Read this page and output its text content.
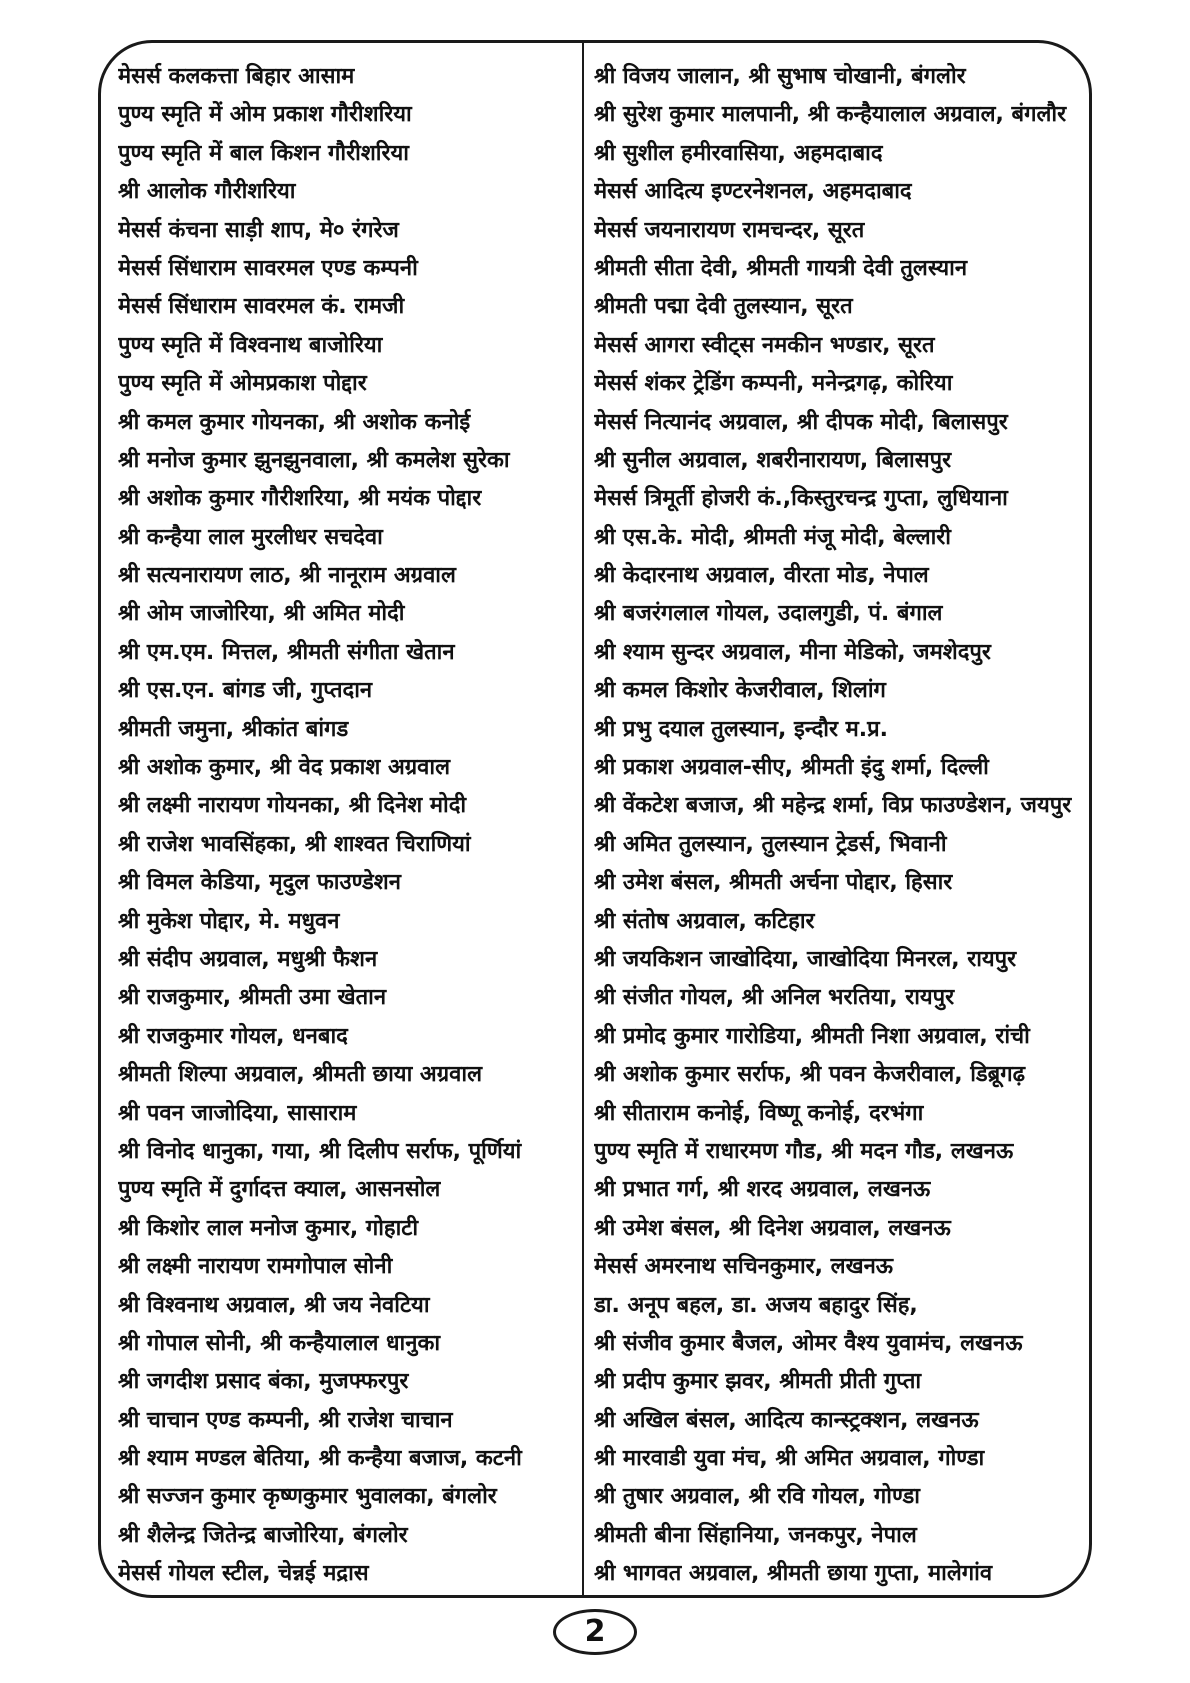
मेसर्स कलकत्ता बिहार आसाम
पुण्य स्मृति में ओम प्रकाश गौरीशरिया
पुण्य स्मृति में बाल किशन गौरीशरिया
श्री आलोक गौरीशरिया
मेसर्स कंचना साड़ी शाप, मे० रंगरेज
मेसर्स सिंधाराम सावरमल एण्ड कम्पनी
मेसर्स सिंधाराम सावरमल कं. रामजी
पुण्य स्मृति में विश्वनाथ बाजोरिया
पुण्य स्मृति में ओमप्रकाश पोद्दार
श्री कमल कुमार गोयनका, श्री अशोक कनोई
श्री मनोज कुमार झुनझुनवाला, श्री कमलेश सुरेका
श्री अशोक कुमार गौरीशरिया, श्री मयंक पोद्दार
श्री कन्हैया लाल मुरलीधर सचदेवा
श्री सत्यनारायण लाठ, श्री नानूराम अग्रवाल
श्री ओम जाजोरिया, श्री अमित मोदी
श्री एम.एम. मित्तल, श्रीमती संगीता खेतान
श्री एस.एन. बांगड जी, गुप्तदान
श्रीमती जमुना, श्रीकांत बांगड
श्री अशोक कुमार, श्री वेद प्रकाश अग्रवाल
श्री लक्ष्मी नारायण गोयनका, श्री दिनेश मोदी
श्री राजेश भावसिंहका, श्री शाश्वत चिराणियां
श्री विमल केडिया, मृदुल फाउण्डेशन
श्री मुकेश पोद्दार, मे. मधुवन
श्री संदीप अग्रवाल, मधुश्री फैशन
श्री राजकुमार, श्रीमती उमा खेतान
श्री राजकुमार गोयल, धनबाद
श्रीमती शिल्पा अग्रवाल, श्रीमती छाया अग्रवाल
श्री पवन जाजोदिया, सासाराम
श्री विनोद धानुका, गया, श्री दिलीप सर्राफ, पूर्णियां
पुण्य स्मृति में दुर्गादत्त क्याल, आसनसोल
श्री किशोर लाल मनोज कुमार, गोहाटी
श्री लक्ष्मी नारायण रामगोपाल सोनी
श्री विश्वनाथ अग्रवाल, श्री जय नेवटिया
श्री गोपाल सोनी, श्री कन्हैयालाल धानुका
श्री जगदीश प्रसाद बंका, मुजफ्फरपुर
श्री चाचान एण्ड कम्पनी, श्री राजेश चाचान
श्री श्याम मण्डल बेतिया, श्री कन्हैया बजाज, कटनी
श्री सज्जन कुमार कृष्णकुमार भुवालका, बंगलोर
श्री शैलेन्द्र जितेन्द्र बाजोरिया, बंगलोर
मेसर्स गोयल स्टील, चेन्नई मद्रास
श्री विजय जालान, श्री सुभाष चोखानी, बंगलोर
श्री सुरेश कुमार मालपानी, श्री कन्हैयालाल अग्रवाल, बंगलौर
श्री सुशील हमीरवासिया, अहमदाबाद
मेसर्स आदित्य इण्टरनेशनल, अहमदाबाद
मेसर्स जयनारायण रामचन्दर, सूरत
श्रीमती सीता देवी, श्रीमती गायत्री देवी तुलस्यान
श्रीमती पद्मा देवी तुलस्यान, सूरत
मेसर्स आगरा स्वीट्स नमकीन भण्डार, सूरत
मेसर्स शंकर ट्रेडिंग कम्पनी, मनेन्द्रगढ़, कोरिया
मेसर्स नित्यानंद अग्रवाल, श्री दीपक मोदी, बिलासपुर
श्री सुनील अग्रवाल, शबरीनारायण, बिलासपुर
मेसर्स त्रिमूर्ती होजरी कं.,किस्तुरचन्द्र गुप्ता, लुधियाना
श्री एस.के. मोदी, श्रीमती मंजू मोदी, बेल्लारी
श्री केदारनाथ अग्रवाल, वीरता मोड, नेपाल
श्री बजरंगलाल गोयल, उदालगुडी, पं. बंगाल
श्री श्याम सुन्दर अग्रवाल, मीना मेडिको, जमशेदपुर
श्री कमल किशोर केजरीवाल, शिलांग
श्री प्रभु दयाल तुलस्यान, इन्दौर म.प्र.
श्री प्रकाश अग्रवाल-सीए, श्रीमती इंदु शर्मा, दिल्ली
श्री वेंकटेश बजाज, श्री महेन्द्र शर्मा, विप्र फाउण्डेशन, जयपुर
श्री अमित तुलस्यान, तुलस्यान ट्रेडर्स, भिवानी
श्री उमेश बंसल, श्रीमती अर्चना पोद्दार, हिसार
श्री संतोष अग्रवाल, कटिहार
श्री जयकिशन जाखोदिया, जाखोदिया मिनरल, रायपुर
श्री संजीत गोयल, श्री अनिल भरतिया, रायपुर
श्री प्रमोद कुमार गारोडिया, श्रीमती निशा अग्रवाल, रांची
श्री अशोक कुमार सर्राफ, श्री पवन केजरीवाल, डिब्रूगढ़
श्री सीताराम कनोई, विष्णू कनोई, दरभंगा
पुण्य स्मृति में राधारमण गौड, श्री मदन गौड, लखनऊ
श्री प्रभात गर्ग, श्री शरद अग्रवाल, लखनऊ
श्री उमेश बंसल, श्री दिनेश अग्रवाल, लखनऊ
मेसर्स अमरनाथ सचिनकुमार, लखनऊ
डा. अनूप बहल, डा. अजय बहादुर सिंह,
श्री संजीव कुमार बैजल, ओमर वैश्य युवामंच, लखनऊ
श्री प्रदीप कुमार झवर, श्रीमती प्रीती गुप्ता
श्री अखिल बंसल, आदित्य कान्स्ट्रक्शन, लखनऊ
श्री मारवाडी युवा मंच, श्री अमित अग्रवाल, गोण्डा
श्री तुषार अग्रवाल, श्री रवि गोयल, गोण्डा
श्रीमती बीना सिंहानिया, जनकपुर, नेपाल
श्री भागवत अग्रवाल, श्रीमती छाया गुप्ता, मालेगांव
2
